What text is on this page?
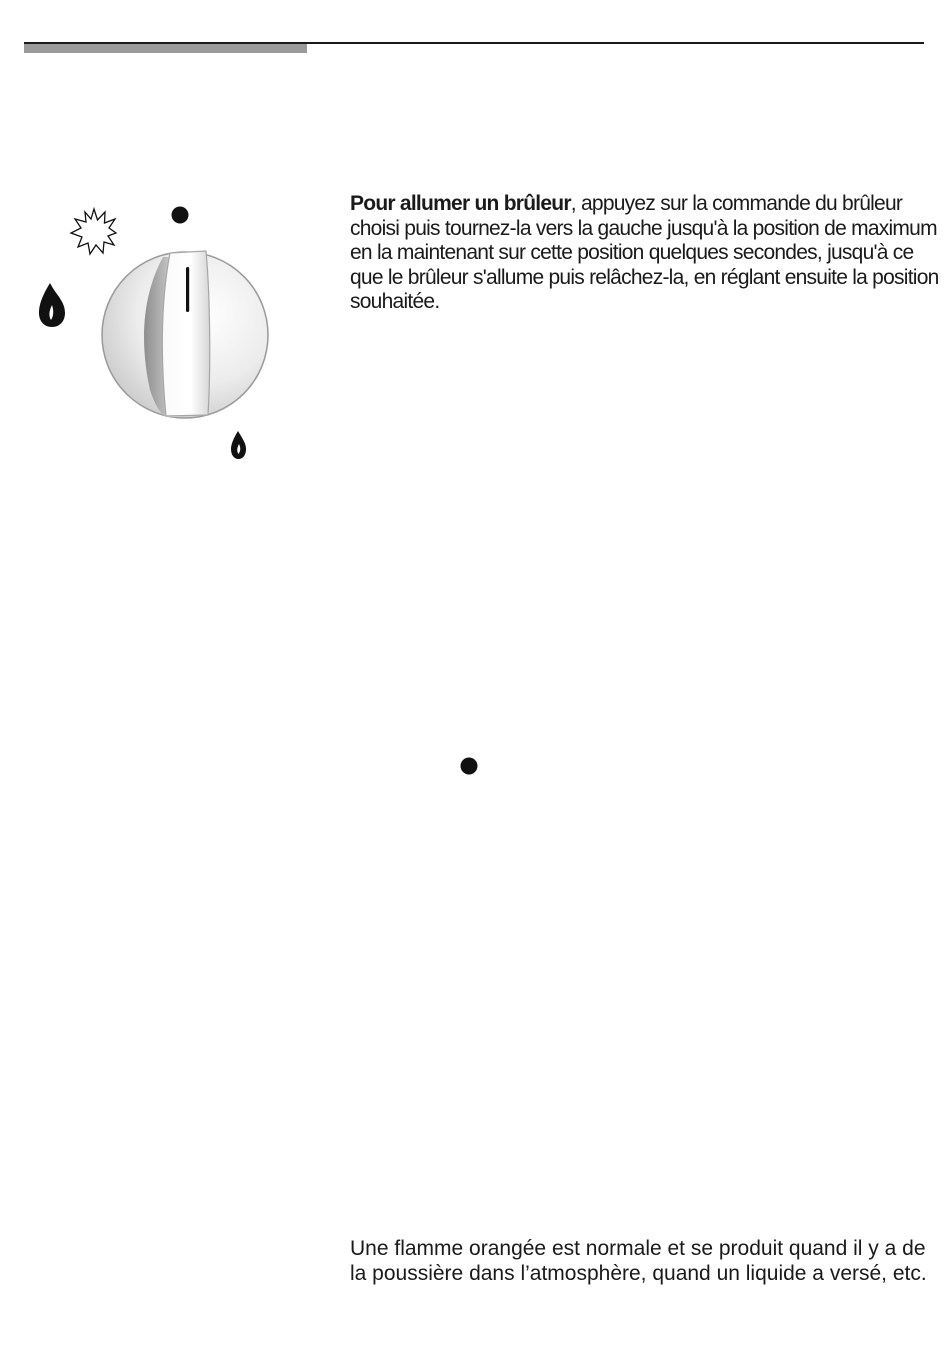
Pour allumer un brûleur, appuyez sur la commande du brûleur choisi puis tournez-la vers la gauche jusqu'à la position de maximum en la maintenant sur cette position quelques secondes, jusqu'à ce que le brûleur s'allume puis relâchez-la, en réglant ensuite la position souhaitée.

Une flamme orangée est normale et se produit quand il y a de la poussière dans l’atmosphère, quand un liquide a versé, etc.
